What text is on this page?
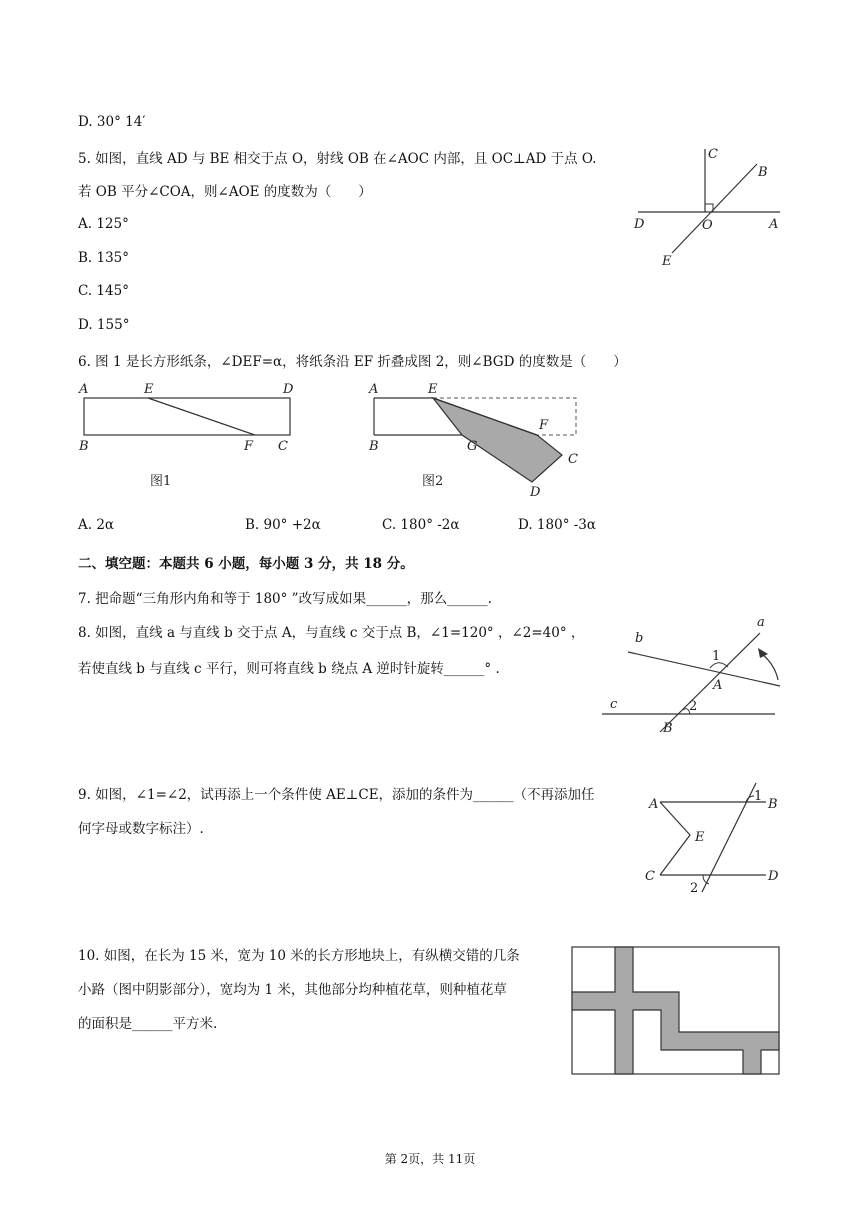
D. 30° 14′
5. 如图，直线 AD 与 BE 相交于点 O，射线 OB 在∠AOC 内部，且 OC⊥AD 于点 O.
若 OB 平分∠COA，则∠AOE 的度数为（　　）
A. 125°
B. 135°
C. 145°
D. 155°
C
B
D	O	A
E
6. 图 1 是长方形纸条，∠DEF=α，将纸条沿 EF 折叠成图 2，则∠BGD 的度数是（　　）
A	E	D
B	F C
图1
A	E
B	G
F
C
D
图2
A. 2α	B. 90° +2α	C. 180° -2α	D. 180° -3α
二、填空题：本题共 6 小题，每小题 3 分，共 18 分。
7. 把命题“三角形内角和等于 180° ”改写成如果______，那么______.
8. 如图，直线 a 与直线 b 交于点 A，与直线 c 交于点 B，∠1=120° ，∠2=40° ，
若使直线 b 与直线 c 平行，则可将直线 b 绕点 A 逆时针旋转______° .
a
b
c
A
B
1
2
9. 如图，∠1=∠2，试再添上一个条件使 AE⊥CE，添加的条件为______（不再添加任
何字母或数字标注）.
A	B
E
C	D
1
2
10. 如图，在长为 15 米，宽为 10 米的长方形地块上，有纵横交错的几条
小路（图中阴影部分），宽均为 1 米，其他部分均种植花草，则种植花草
的面积是______平方米.
第 2页，共 11页
